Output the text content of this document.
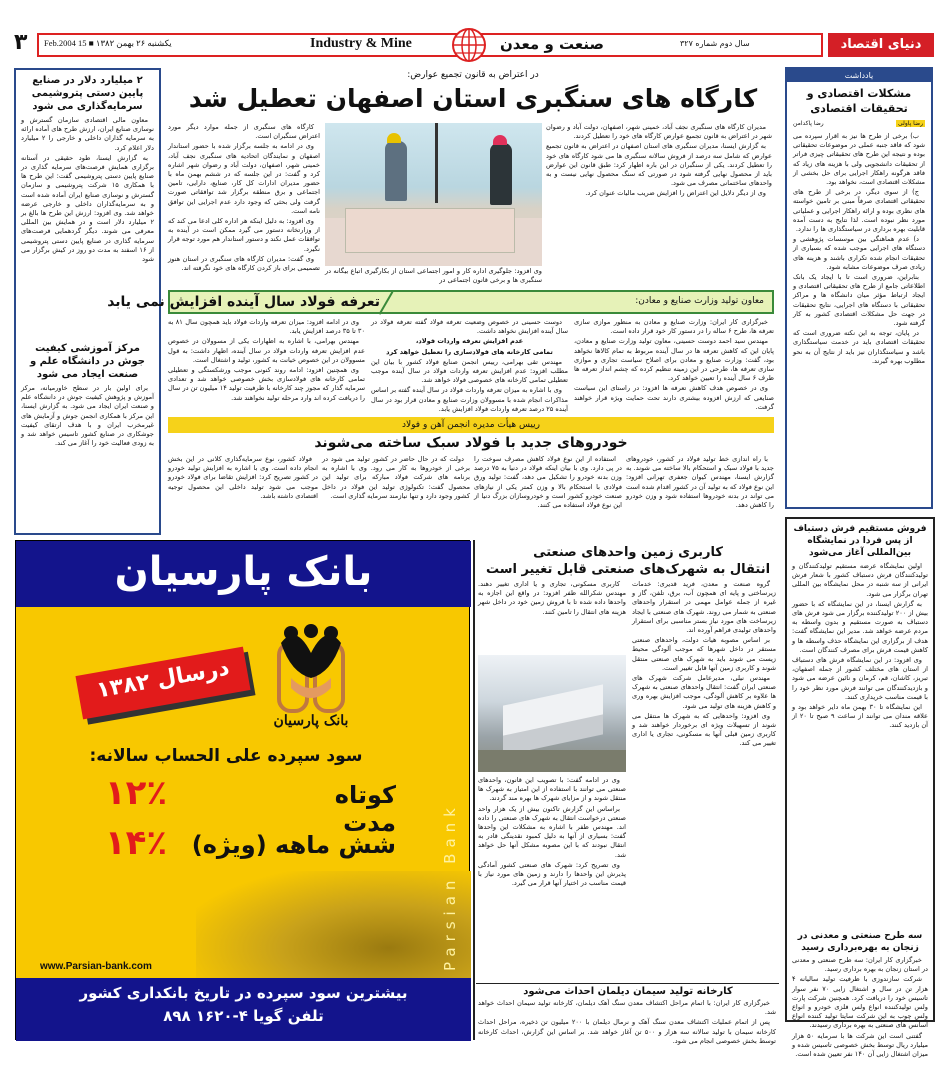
۳ یکشنبه ۲۶ بهمن ۱۳۸۲ ■ 15 Feb.2004	Industry & Mine	صنعت و معدن	سال دوم شماره ۳۲۷	دنیای اقتصاد
۲ میلیارد دلار در صنایع پایین دستی پتروشیمی سرمایه‌گذاری می شود

معاون مالی اقتصادی سازمان گسترش و نوسازی صنایع ایران، ارزش طرح های آماده ارائه به سرمایه گذاران داخلی و خارجی را ۲ میلیارد دلار اعلام کرد.

به گزارش ایسنا، طود حقیقی در آستانه برگزاری همایش فرصت‌های سرمایه گذاری در صنایع پایین دستی پتروشیمی گفت: این طرح ها با همکاری ۱۵ شرکت پتروشیمی و سازمان گسترش و نوسازی صنایع ایران آماده شده است و به سرمایه‌گذاران داخلی و خارجی عرضه خواهد شد. وی افزود: ارزش این طرح ها بالغ بر ۲ میلیارد دلار است و در همایش بین المللی معرفی می شوند. دیگر گردهمایی فرصت‌های سرمایه گذاری در صنایع پایین دستی پتروشیمی از ۱۶ اسفند به مدت دو روز در کیش برگزار می شود

مرکز آموزشی کیفیت جوش در دانشگاه علم و صنعت ایجاد می شود

برای اولین بار در سطح خاورمیانه، مرکز آموزش و پژوهش کیفیت جوش در دانشگاه علم و صنعت ایران ایجاد می شود. به گزارش ایسنا، این مرکز با همکاری انجمن جوش و آزمایش های غیرمخرب ایران و با هدف ارتقای کیفیت جوشکاری در صنایع کشور تاسیس خواهد شد و به زودی فعالیت خود را آغاز می کند.

در اعتراض به قانون تجمیع عوارض:
کارگاه های سنگبری استان اصفهان تعطیل شد

مدیران کارگاه های سنگبری نجف آباد، خمینی شهر، اصفهان، دولت آباد و رضوان شهر در اعتراض به قانون تجمیع عوارض کارگاه های خود را تعطیل کردند.

به گزارش ایسنا، مدیران سنگبری های استان اصفهان در اعتراض به قانون تجمیع عوارض که شامل سه درصد از فروش سالانه سنگبری ها می شود کارگاه های خود را تعطیل کردند. یکی از سنگبران در این باره اظهار کرد: طبق قانون این عوارض باید از محصول نهایی گرفته شود در صورتی که سنگ محصول نهایی نیست و به واحدهای ساختمانی مصرف می شود.

وی از دیگر دلایل این اعتراض را افزایش ضریب مالیات عنوان کرد.

وی افزود: جلوگیری اداره کار و امور اجتماعی استان از بکارگیری اتباع بیگانه در سنگبری ها و برخی قانون اجتماعی در

کارگاه های سنگبری از جمله موارد دیگر مورد اعتراض سنگبران است.

وی در ادامه به جلسه برگزار شده با حضور استاندار اصفهان و نمایندگان اتحادیه های سنگبری نجف آباد، خمینی شهر، اصفهان، دولت آباد و رضوان شهر اشاره کرد و گفت: در این جلسه که در ششم بهمن ماه با حضور مدیران ادارات کل کار، صنایع، دارایی، تامین اجتماعی و برق منطقه برگزار شد توافقاتی صورت گرفت ولی بحثی که وجود دارد عدم اجرایی این توافق نامه است.

وی افزود: به دلیل اینکه هر اداره کلی ادعا می کند که از وزارتخانه دستور می گیرد ممکن است در آینده به توافقات عمل نکند و دستور استاندار هم مورد توجه قرار نگیرد.

وی گفت: مدیران کارگاه های سنگبری در استان هنوز تصمیمی برای باز کردن کارگاه های خود نگرفته اند.

معاون تولید وزارت صنایع و معادن:
تعرفه فولاد سال آینده افزایش نمی یابد

خبرگزاری کار ایران: وزارت صنایع و معادن به منظور موازی سازی تعرفه ها، طرح ۶ ساله را در دستور کار خود قرار داده است.

مهندس سید احمد دوست حسینی، معاون تولید وزارت صنایع و معادن، پایان این که کاهش تعرفه ها در سال آینده مربوط به تمام کالاها نخواهد بود، گفت: وزارت صنایع و معادن برای اصلاح سیاست تجاری و موازی سازی تعرفه ها، طرحی در این زمینه تنظیم کرده که چشم انداز تعرفه ها ظرف ۶ سال آینده را تعیین خواهد کرد.

وی در خصوص هدف کاهش تعرفه ها افزود: در راستای این سیاست صنایعی که ارزش افزوده بیشتری دارند تحت حمایت ویژه قرار خواهند گرفت.

دوست حسینی در خصوص وضعیت تعرفه فولاد گفته تعرفه فولاد در سال آینده افزایش نخواهد داشت.

عدم افزایش تعرفه واردات فولاد،

تمامی کارخانه های فولادسازی را تعطیل خواهد کرد

مهندس تقی بهرامی، رییس انجمن صنایع فولاد کشور با بیان این مطلب افزود: عدم افزایش تعرفه واردات فولاد در سال آینده موجب تعطیلی تمامی کارخانه های خصوصی فولاد خواهد شد.

وی با اشاره به میزان تعرفه واردات فولاد در سال آینده گفته بر اساس مذاکرات انجام شده با مسوولان وزارت صنایع و معادن قرار بود در سال آینده ۲۵ درصد تعرفه واردات فولاد افزایش یابد.

وی در ادامه افزود: میزان تعرفه واردات فولاد باید همچون سال ۸۱ به ۳۰ تا ۳۵ درصد افزایش یابد.

مهندس بهرامی، با اشاره به اظهارات یکی از مسوولان در خصوص عدم افزایش تعرفه واردات فولاد در سال آینده، اظهار داشت: به قول مسوولان در این خصوص خیانت به کشور، تولید و اشتغال است.

وی همچنین افزود: ادامه روند کنونی موجب ورشکستگی و تعطیلی تمامی کارخانه های فولادسازی بخش خصوصی خواهد شد و تعدادی سرمایه گذار که مجوز چند کارخانه با ظرفیت تولید ۱۴ میلیون تن در سال را دریافت کرده اند وارد مرحله تولید نخواهند شد.

رییس هیأت مدیره انجمن آهن و فولاد
خودروهای جدید با فولاد سبک ساخته می‌شوند

با راه اندازی خط تولید فولاد در کشور، خودروهای جدید با فولاد سبک و استحکام بالا ساخته می شوند. به گزارش ایسنا، مهندس کیوان جعفری تهرانی افزود: این نوع فولاد که به تولید آن در کشور اقدام شده است می تواند در بدنه خودروها استفاده شود و وزن خودرو را کاهش دهد.

استفاده از این نوع فولاد کاهش مصرف سوخت را در پی دارد. وی با بیان اینکه فولاد در دنیا به ۷۵ درصد وزن بدنه خودرو را تشکیل می دهد، گفت: تولید ورق فولادی با استحکام بالا و وزن کمتر یکی از نیازهای صنعت خودرو کشور است و خودروسازان بزرگ دنیا از این نوع فولاد استفاده می کنند.

دولت که در حال حاضر در کشور تولید می شود در برخی از خودروها به کار می رود. وی با اشاره به برنامه های شرکت فولاد مبارکه برای تولید این محصول گفت: تکنولوژی تولید این فولاد در داخل کشور وجود دارد و تنها نیازمند سرمایه گذاری است.

فولاد کشور، نوع سرمایه‌گذاری کلانی در این بخش انجام داده است. وی با اشاره به افزایش تولید خودرو در کشور تصریح کرد: افزایش تقاضا برای فولاد خودرو موجب می شود تولید داخلی این محصول توجیه اقتصادی داشته باشد.

بانک پارسیان
درسال ۱۳۸۲
بانک پارسیان
سود سپرده علی الحساب سالانه:
کوتاه مدت
۱۲٪
شش ماهه (ویژه)
۱۴٪	Parsian Bank
www.Parsian-bank.com
بیشترین سود سپرده در تاریخ بانکداری کشور
تلفن گویا ۴-۱۶۲۰ ۸۹۸
کاربری زمین واحدهای صنعتی
انتقال به شهرک‌های صنعتی قابل تغییر است

گروه صنعت و معدن، فرید قدیری: خدمات زیرساختی و پایه ای همچون آب، برق، تلفن، گاز و غیره از جمله عوامل مهمی در استقرار واحدهای صنعتی به شمار می روند. شهرک های صنعتی با ایجاد زیرساخت های مورد نیاز بستر مناسبی برای استقرار واحدهای تولیدی فراهم آورده اند.

بر اساس مصوبه هیات دولت، واحدهای صنعتی مستقر در داخل شهرها که موجب آلودگی محیط زیست می شوند باید به شهرک های صنعتی منتقل شوند و کاربری زمین آنها قابل تغییر است.

مهندس نیلی، مدیرعامل شرکت شهرک های صنعتی ایران گفت: انتقال واحدهای صنعتی به شهرک ها علاوه بر کاهش آلودگی، موجب افزایش بهره وری و کاهش هزینه های تولید می شود.

وی افزود: واحدهایی که به شهرک ها منتقل می شوند از تسهیلات ویژه ای برخوردار خواهند شد و کاربری زمین قبلی آنها به مسکونی، تجاری یا اداری تغییر می کند.

کاربری مسکونی، تجاری و یا اداری تغییر دهند. مهندس شکرالله ظفر افزود: در واقع این اجازه به واحدها داده شده تا با فروش زمین خود در داخل شهر هزینه های انتقال را تامین کنند.

وی در ادامه گفت: با تصویب این قانون، واحدهای صنعتی می توانند با استفاده از این امتیاز به شهرک ها منتقل شوند و از مزایای شهرک ها بهره مند گردند.

براساس این گزارش تاکنون بیش از یک هزار واحد صنعتی درخواست انتقال به شهرک های صنعتی را داده اند. مهندس ظفر با اشاره به مشکلات این واحدها گفت: بسیاری از آنها به دلیل کمبود نقدینگی قادر به انتقال نبودند که با این مصوبه مشکل آنها حل خواهد شد.

وی تصریح کرد: شهرک های صنعتی کشور آمادگی پذیرش این واحدها را دارند و زمین های مورد نیاز با قیمت مناسب در اختیار آنها قرار می گیرد.

کارخانه تولید سیمان دیلمان احداث می‌شود

خبرگزاری کار ایران: با اتمام مراحل اکتشاف معدن سنگ آهک دیلمان، کارخانه تولید سیمان احداث خواهد شد.

پس از اتمام عملیات اکتشاف معدن سنگ آهک و نرمال دیلمان با ۲۰۰ میلیون تن ذخیره، مراحل احداث کارخانه سیمان با تولید سالانه سه هزار و ۵۰۰ تن آغاز خواهد شد. بر اساس این گزارش، احداث کارخانه توسط بخش خصوصی انجام می شود.

یادداشت
مشکلات اقتصادی و تحقیقات اقتصادی
رضا پاولی
رضا پاکدامن

ب) برخی از طرح ها نیز به اقرار سپرده می شود که فاقد جنبه عملی در موضوعات تحقیقاتی بوده و نتیجه این طرح های تحقیقاتی چیزی فراتر از تحقیقات دانشجویی ولی با هزینه های زیاد که فاقد هرگونه راهکار اجرایی برای حل بخشی از مشکلات اقتصادی است، نخواهد بود.

ج) از سوی دیگر، در برخی از طرح های تحقیقاتی اقتصادی صرفاً مبنی بر تامین خواسته های نظری بوده و ارائه راهکار اجرایی و عملیاتی مورد نظر نبوده است. لذا نتایج به دست آمده قابلیت بهره برداری در سیاستگذاری ها را ندارد.

د) عدم هماهنگی بین موسسات پژوهشی و دستگاه های اجرایی موجب شده که بسیاری از تحقیقات انجام شده تکراری باشند و هزینه های زیادی صرف موضوعات مشابه شود.

بنابراین، ضروری است تا با ایجاد یک بانک اطلاعاتی جامع از طرح های تحقیقاتی اقتصادی و ایجاد ارتباط مؤثر میان دانشگاه ها و مراکز تحقیقاتی با دستگاه های اجرایی، نتایج تحقیقات در جهت حل مشکلات اقتصادی کشور به کار گرفته شود.

در پایان، توجه به این نکته ضروری است که تحقیقات اقتصادی باید در خدمت سیاستگذاری باشد و سیاستگذاران نیز باید از نتایج آن به نحو مطلوب بهره گیرند.

فروش مستقیم فرش دستباف از پس فردا در نمایشگاه بین‌المللی آغاز می‌شود

اولین نمایشگاه عرضه مستقیم تولیدکنندگان و تولیدکنندگان فرش دستباف کشور با شعار فرش ایرانی از سه شنبه در محل نمایشگاه بین المللی تهران برگزار می شود.

به گزارش ایسنا، در این نمایشگاه که با حضور بیش از ۲۰۰ تولیدکننده برگزار می شود فرش های دستباف به صورت مستقیم و بدون واسطه به مردم عرضه خواهد شد. مدیر این نمایشگاه گفت: هدف از برگزاری این نمایشگاه حذف واسطه ها و کاهش قیمت فرش برای مصرف کنندگان است.

وی افزود: در این نمایشگاه فرش های دستباف از استان های مختلف کشور از جمله اصفهان، تبریز، کاشان، قم، کرمان و نائین عرضه می شود و بازدیدکنندگان می توانند فرش مورد نظر خود را با قیمت مناسب خریداری کنند.

این نمایشگاه تا ۳۰ بهمن ماه دایر خواهد بود و علاقه مندان می توانند از ساعت ۹ صبح تا ۲۰ از آن بازدید کنند.

سه طرح صنعتی و معدنی در زنجان به بهره‌برداری رسید

خبرگزاری کار ایران: سه طرح صنعتی و معدنی در استان زنجان به بهره برداری رسید.

شرکت سازندوزی با ظرفیت تولید سالیانه ۴ هزار تن در سال و اشتغال زایی ۷۰ نفر سوار تاسیس خود را دریافت کرد. همچنین شرکت پارت ولس تولیدکننده انواع ولس فلزی خودرو و انواع ولس چوب به این شرکت سایتا تولید کننده انواع اسانس های صنعتی به بهره برداری رسیدند.

گفتنی است این شرکت ها با سرمایه ۵۰ هزار میلیارد ریال توسط بخش خصوصی تاسیس شده و میزان اشتغال زایی آن ۱۴۰ نفر تعیین شده است.
